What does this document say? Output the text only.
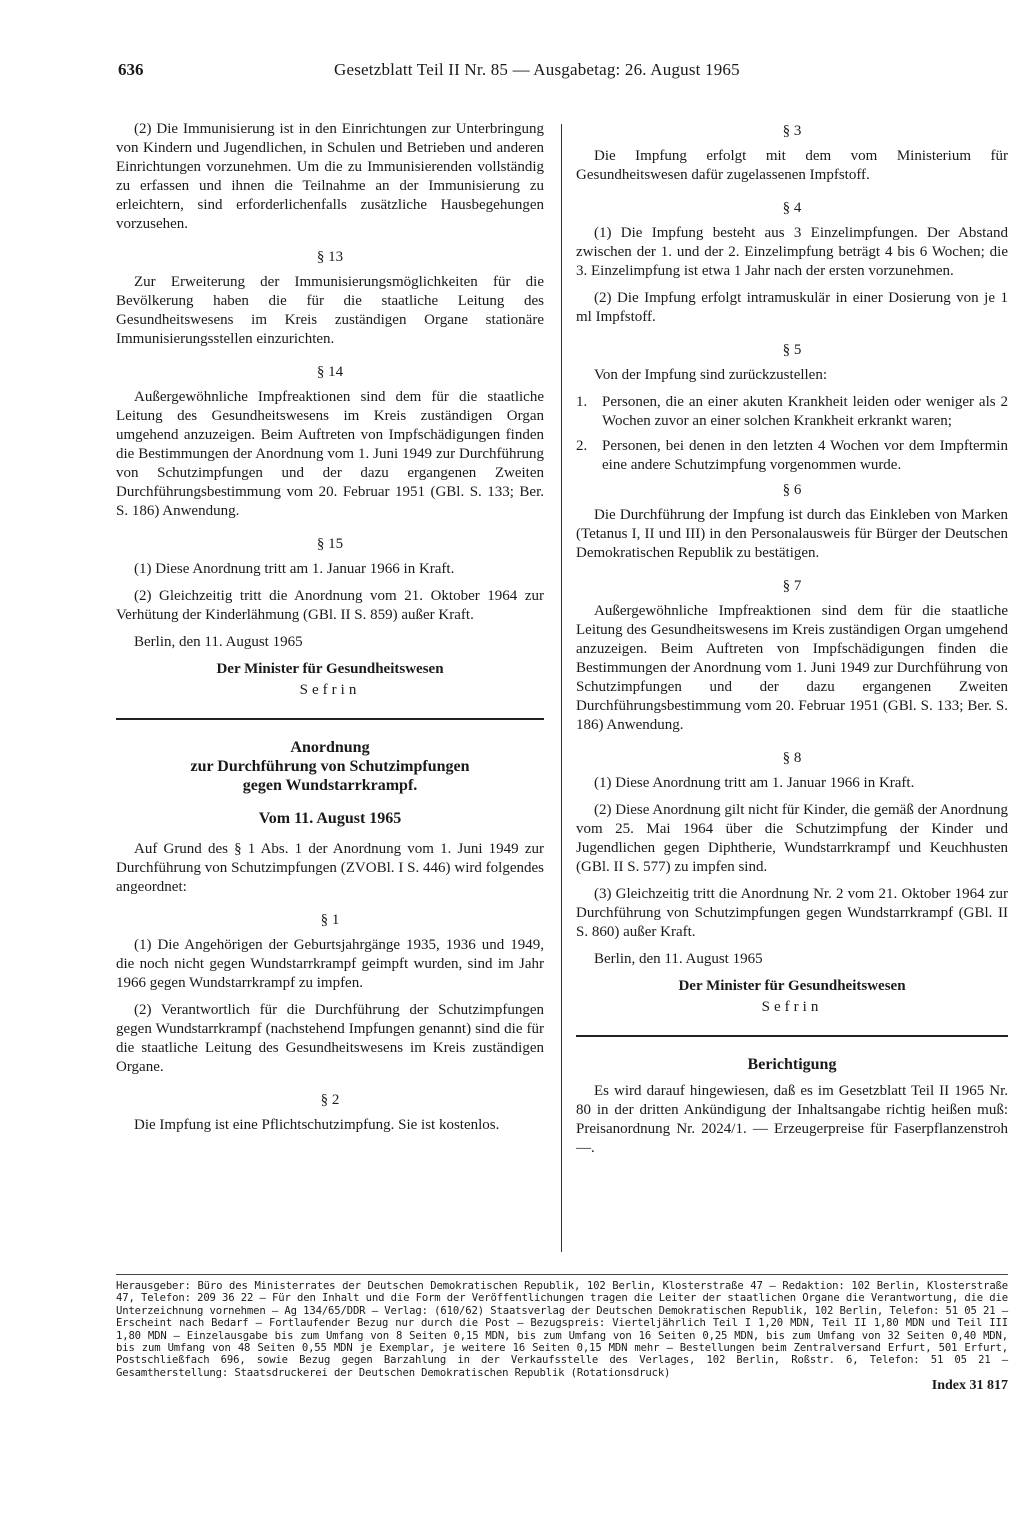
636	Gesetzblatt Teil II Nr. 85 — Ausgabetag: 26. August 1965

(2) Die Immunisierung ist in den Einrichtungen zur Unterbringung von Kindern und Jugendlichen, in Schulen und Betrieben und anderen Einrichtungen vorzunehmen. Um die zu Immunisierenden vollständig zu erfassen und ihnen die Teilnahme an der Immunisierung zu erleichtern, sind erforderlichenfalls zusätzliche Hausbegehungen vorzusehen.

§ 13

Zur Erweiterung der Immunisierungsmöglichkeiten für die Bevölkerung haben die für die staatliche Leitung des Gesundheitswesens im Kreis zuständigen Organe stationäre Immunisierungsstellen einzurichten.

§ 14

Außergewöhnliche Impfreaktionen sind dem für die staatliche Leitung des Gesundheitswesens im Kreis zuständigen Organ umgehend anzuzeigen. Beim Auftreten von Impfschädigungen finden die Bestimmungen der Anordnung vom 1. Juni 1949 zur Durchführung von Schutzimpfungen und der dazu ergangenen Zweiten Durchführungsbestimmung vom 20. Februar 1951 (GBl. S. 133; Ber. S. 186) Anwendung.

§ 15

(1) Diese Anordnung tritt am 1. Januar 1966 in Kraft.

(2) Gleichzeitig tritt die Anordnung vom 21. Oktober 1964 zur Verhütung der Kinderlähmung (GBl. II S. 859) außer Kraft.

Berlin, den 11. August 1965

Der Minister für Gesundheitswesen
Sefrin
Anordnung
zur Durchführung von Schutzimpfungen
gegen Wundstarrkrampf.
Vom 11. August 1965

Auf Grund des § 1 Abs. 1 der Anordnung vom 1. Juni 1949 zur Durchführung von Schutzimpfungen (ZVOBl. I S. 446) wird folgendes angeordnet:

§ 1

(1) Die Angehörigen der Geburtsjahrgänge 1935, 1936 und 1949, die noch nicht gegen Wundstarrkrampf geimpft wurden, sind im Jahr 1966 gegen Wundstarrkrampf zu impfen.

(2) Verantwortlich für die Durchführung der Schutzimpfungen gegen Wundstarrkrampf (nachstehend Impfungen genannt) sind die für die staatliche Leitung des Gesundheitswesens im Kreis zuständigen Organe.

§ 2

Die Impfung ist eine Pflichtschutzimpfung. Sie ist kostenlos.

§ 3

Die Impfung erfolgt mit dem vom Ministerium für Gesundheitswesen dafür zugelassenen Impfstoff.

§ 4

(1) Die Impfung besteht aus 3 Einzelimpfungen. Der Abstand zwischen der 1. und der 2. Einzelimpfung beträgt 4 bis 6 Wochen; die 3. Einzelimpfung ist etwa 1 Jahr nach der ersten vorzunehmen.

(2) Die Impfung erfolgt intramuskulär in einer Dosierung von je 1 ml Impfstoff.

§ 5

Von der Impfung sind zurückzustellen:

1. Personen, die an einer akuten Krankheit leiden oder weniger als 2 Wochen zuvor an einer solchen Krankheit erkrankt waren;
2. Personen, bei denen in den letzten 4 Wochen vor dem Impftermin eine andere Schutzimpfung vorgenommen wurde.
§ 6

Die Durchführung der Impfung ist durch das Einkleben von Marken (Tetanus I, II und III) in den Personalausweis für Bürger der Deutschen Demokratischen Republik zu bestätigen.

§ 7

Außergewöhnliche Impfreaktionen sind dem für die staatliche Leitung des Gesundheitswesens im Kreis zuständigen Organ umgehend anzuzeigen. Beim Auftreten von Impfschädigungen finden die Bestimmungen der Anordnung vom 1. Juni 1949 zur Durchführung von Schutzimpfungen und der dazu ergangenen Zweiten Durchführungsbestimmung vom 20. Februar 1951 (GBl. S. 133; Ber. S. 186) Anwendung.

§ 8

(1) Diese Anordnung tritt am 1. Januar 1966 in Kraft.

(2) Diese Anordnung gilt nicht für Kinder, die gemäß der Anordnung vom 25. Mai 1964 über die Schutzimpfung der Kinder und Jugendlichen gegen Diphtherie, Wundstarrkrampf und Keuchhusten (GBl. II S. 577) zu impfen sind.

(3) Gleichzeitig tritt die Anordnung Nr. 2 vom 21. Oktober 1964 zur Durchführung von Schutzimpfungen gegen Wundstarrkrampf (GBl. II S. 860) außer Kraft.

Berlin, den 11. August 1965

Der Minister für Gesundheitswesen
Sefrin
Berichtigung

Es wird darauf hingewiesen, daß es im Gesetzblatt Teil II 1965 Nr. 80 in der dritten Ankündigung der Inhaltsangabe richtig heißen muß: Preisanordnung Nr. 2024/1. — Erzeugerpreise für Faserpflanzenstroh —.

Herausgeber: Büro des Ministerrates der Deutschen Demokratischen Republik, 102 Berlin, Klosterstraße 47 – Redaktion: 102 Berlin, Klosterstraße 47, Telefon: 209 36 22 – Für den Inhalt und die Form der Veröffentlichungen tragen die Leiter der staatlichen Organe die Verantwortung, die die Unterzeichnung vornehmen – Ag 134/65/DDR – Verlag: (610/62) Staatsverlag der Deutschen Demokratischen Republik, 102 Berlin, Telefon: 51 05 21 – Erscheint nach Bedarf – Fortlaufender Bezug nur durch die Post – Bezugspreis: Vierteljährlich Teil I 1,20 MDN, Teil II 1,80 MDN und Teil III 1,80 MDN – Einzelausgabe bis zum Umfang von 8 Seiten 0,15 MDN, bis zum Umfang von 16 Seiten 0,25 MDN, bis zum Umfang von 32 Seiten 0,40 MDN, bis zum Umfang von 48 Seiten 0,55 MDN je Exemplar, je weitere 16 Seiten 0,15 MDN mehr – Bestellungen beim Zentralversand Erfurt, 501 Erfurt, Postschließfach 696, sowie Bezug gegen Barzahlung in der Verkaufsstelle des Verlages, 102 Berlin, Roßstr. 6, Telefon: 51 05 21 – Gesamtherstellung: Staatsdruckerei der Deutschen Demokratischen Republik (Rotationsdruck)
Index 31 817
